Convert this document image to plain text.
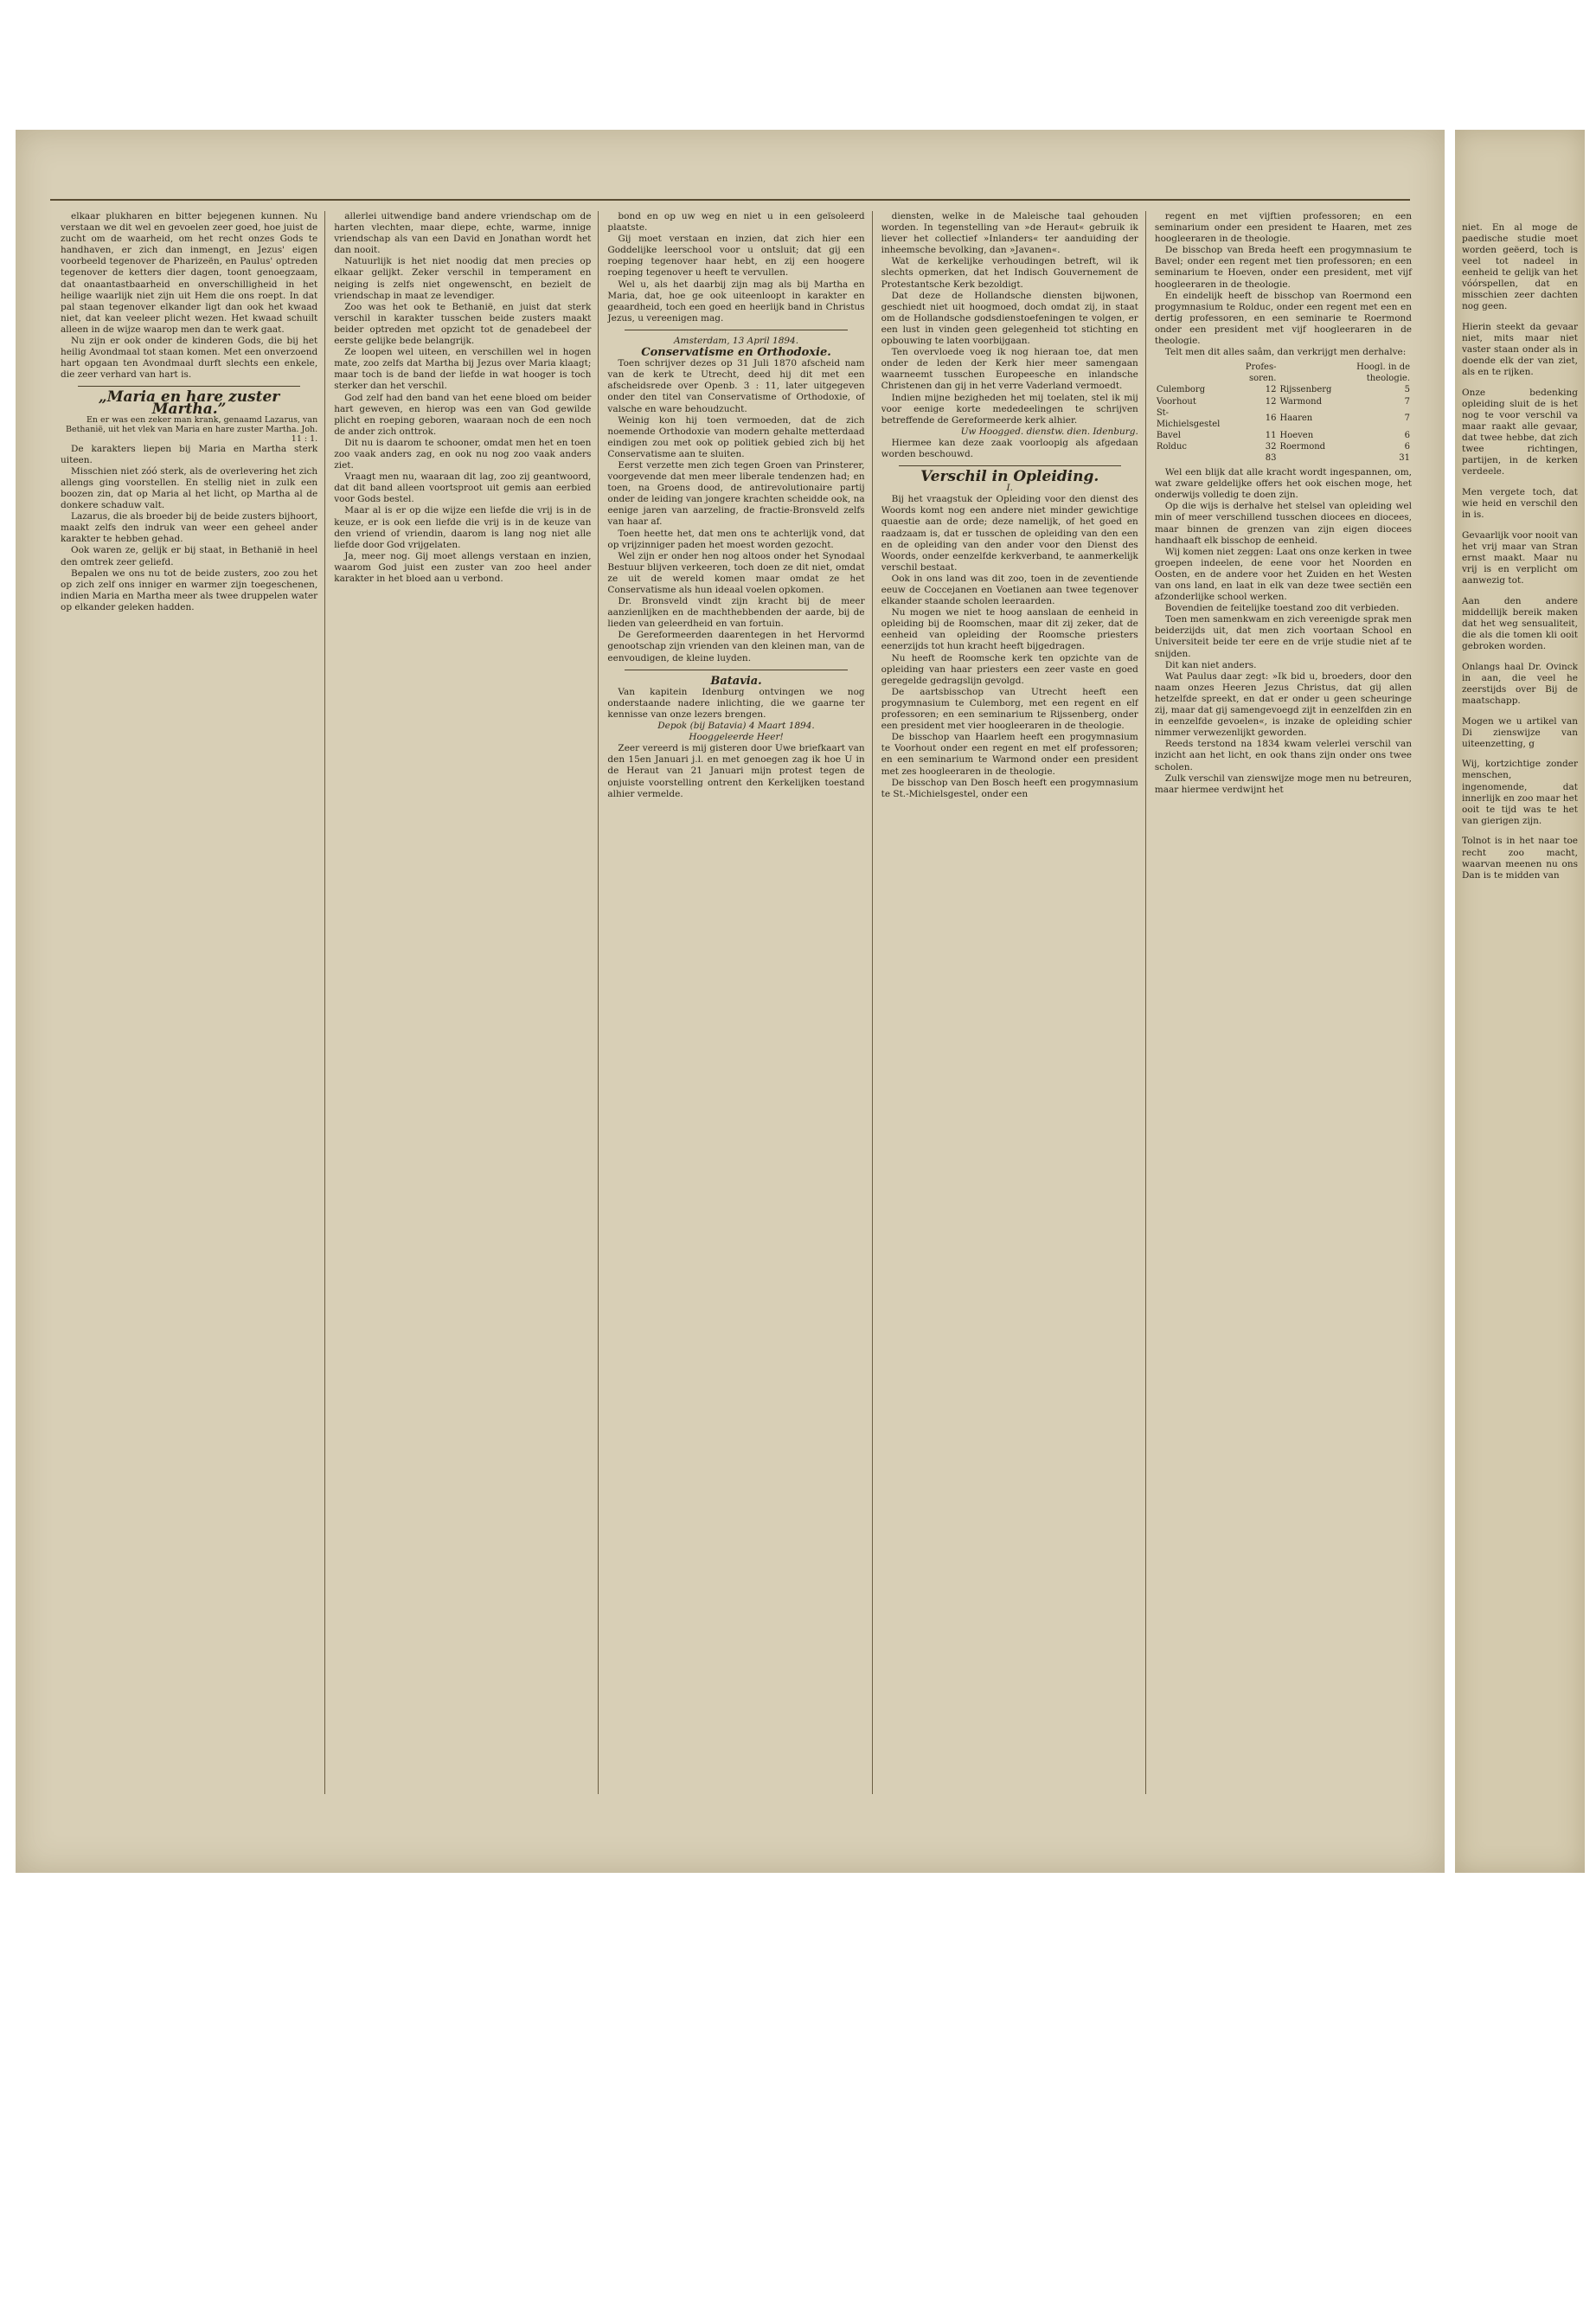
elkaar plukharen en bitter bejegenen kunnen. Nu verstaan we dit wel en gevoelen zeer goed, hoe juist de zucht om de waarheid, om het recht onzes Gods te handhaven, er zich dan inmengt, en Jezus' eigen voorbeeld tegenover de Phariz​eën, en Paulus' optreden tegenover de ketters dier dagen, toont genoegzaam, dat onaantastbaarheid en onverschilligheid in het heilige waarlijk niet zijn uit Hem die ons roept. In dat pal staan tegenover elkander ligt dan ook het kwaad niet, dat kan veeleer plicht wezen. Het kwaad schuilt alleen in de wijze waarop men dan te werk gaat.

Nu zijn er ook onder de kinderen Gods, die bij het heilig Avondmaal tot staan komen. Met een onverzoend hart opgaan ten Avondmaal durft slechts een enkele, die zeer verhard van hart is.

„Maria en hare zuster Martha.”

En er was een zeker man krank, genaamd Lazarus, van Bethanië, uit het vlek van Maria en hare zuster Martha. Joh. 11 : 1.

De karakters liepen bij Maria en Martha sterk uiteen.

Misschien niet zóó sterk, als de overlevering het zich allengs ging voorstellen. En stellig niet in zulk een boozen zin, dat op Maria al het licht, op Martha al de donkere schaduw valt.

Lazarus, die als broeder bij de beide zusters bijhoort, maakt zelfs den indruk van weer een geheel ander karakter te hebben gehad.

Ook waren ze, gelijk er bij staat, in Bethanië in heel den omtrek zeer geliefd.

Bepalen we ons nu tot de beide zusters, zoo zou het op zich zelf ons inniger en warmer zijn toegeschenen, indien Maria en Martha meer als twee druppelen water op elkander geleken hadden.

allerlei uitwendige band andere vriendschap om de harten vlechten, maar diepe, echte, warme, innige vriendschap als van een David en Jonathan wordt het dan nooit.

Natuurlijk is het niet noodig dat men precies op elkaar gelijkt. Zeker verschil in temperament en neiging is zelfs niet ongewenscht, en bezielt de vriendschap in maat ze levendiger.

Zoo was het ook te Bethanië, en juist dat sterk verschil in karakter tusschen beide zusters maakt beider optreden met opzicht tot de genadebeel der eerste gelijke bede belangrijk.

Ze loopen wel uiteen, en verschillen wel in hogen mate, zoo zelfs dat Martha bij Jezus over Maria klaagt; maar toch is de band der liefde in wat hooger is toch sterker dan het verschil.

God zelf had den band van het eene bloed om beider hart geweven, en hierop was een van God gewilde plicht en roeping geboren, waaraan noch de een noch de ander zich onttrok.

Dit nu is daarom te schooner, omdat men het en toen zoo vaak anders zag, en ook nu nog zoo vaak anders ziet.

Vraagt men nu, waaraan dit lag, zoo zij geantwoord, dat dit band alleen voortsproot uit gemis aan eerbied voor Gods bestel.

Maar al is er op die wijze een liefde die vrij is in de keuze, er is ook een liefde die vrij is in de keuze van den vriend of vriendin, daarom is lang nog niet alle liefde door God vrijgelaten.

Ja, meer nog. Gij moet allengs verstaan en inzien, waarom God juist een zuster van zoo heel ander karakter in het bloed aan u verbond.

bond en op uw weg en niet u in een geïsoleerd plaatste.

Gij moet verstaan en inzien, dat zich hier een Goddelijke leerschool voor u ontsluit; dat gij een roeping tegenover haar hebt, en zij een hoogere roeping tegenover u heeft te vervullen.

Wel u, als het daarbij zijn mag als bij Martha en Maria, dat, hoe ge ook uiteenloopt in karakter en geaardheid, toch een goed en heerlijk band in Christus Jezus, u vereenigen mag.

Amsterdam, 13 April 1894.

Conservatisme en Orthodoxie.

Toen schrijver dezes op 31 Juli 1870 afscheid nam van de kerk te Utrecht, deed hij dit met een afscheidsrede over Openb. 3 : 11, later uitgegeven onder den titel van Conservatisme of Orthodoxie, of valsche en ware behoudzucht.

Weinig kon hij toen vermoeden, dat de zich noemende Orthodoxie van modern gehalte metterdaad eindigen zou met ook op politiek gebied zich bij het Conservatisme aan te sluiten.

Eerst verzette men zich tegen Groen van Prinsterer, voorgevende dat men meer liberale tendenzen had; en toen, na Groens dood, de antirevolutionaire partij onder de leiding van jongere krachten scheidde ook, na eenige jaren van aarzeling, de fractie-Bronsveld zelfs van haar af.

Toen heette het, dat men ons te achterlijk vond, dat op vrijzinniger paden het moest worden gezocht.

Wel zijn er onder hen nog altoos onder het Synodaal Bestuur blijven verkeeren, toch doen ze dit niet, omdat ze uit de wereld komen maar omdat ze het Conservatisme als hun ideaal voelen opkomen.

Dr. Bronsveld vindt zijn kracht bij de meer aanzienlijken en de machthebbenden der aarde, bij de lieden van geleerdheid en van fortuin.

De Gereformeerden daarentegen in het Hervormd genootschap zijn vrienden van den kleinen man, van de eenvoudigen, de kleine luyden.

Batavia.

Van kapitein Idenburg ontvingen we nog onderstaande nadere inlichting, die we gaarne ter kennisse van onze lezers brengen.

Depok (bij Batavia) 4 Maart 1894.

Hooggeleerde Heer!

Zeer vereerd is mij gisteren door Uwe briefkaart van den 15en Januari j.l. en met genoegen zag ik hoe U in de Heraut van 21 Januari mijn protest tegen de onjuiste voorstelling ontrent den Kerkelijken toestand alhier vermelde.

diensten, welke in de Maleische taal gehouden worden. In tegenstelling van »de Heraut« gebruik ik liever het collectief »Inlanders« ter aanduiding der inheemsche bevolking, dan »Javanen«.

Wat de kerkelijke verhoudingen betreft, wil ik slechts opmerken, dat het Indisch Gouvernement de Protestantsche Kerk bezoldigt.

Dat deze de Hollandsche diensten bijwonen, geschiedt niet uit hoogmoed, doch omdat zij, in staat om de Hollandsche godsdienstoefeningen te volgen, er een lust in vinden geen gelegenheid tot stichting en opbouwing te laten voorbijgaan.

Ten overvloede voeg ik nog hieraan toe, dat men onder de leden der Kerk hier meer samengaan waarneemt tusschen Europeesche en inlandsche Christenen dan gij in het verre Vaderland vermoedt.

Indien mijne bezigheden het mij toelaten, stel ik mij voor eenige korte mededeelingen te schrijven betreffende de Gereformeerde kerk alhier.

Uw Hoogged. dienstw. dien. Idenburg.

Hiermee kan deze zaak voorloopig als afgedaan worden beschouwd.

Verschil in Opleiding.

I.

Bij het vraagstuk der Opleiding voor den dienst des Woords komt nog een andere niet minder gewichtige quaestie aan de orde; deze namelijk, of het goed en raadzaam is, dat er tusschen de opleiding van den een en de opleiding van den ander voor den Dienst des Woords, onder eenzelfde kerkverband, te aanmerkelijk verschil bestaat.

Ook in ons land was dit zoo, toen in de zeventiende eeuw de Coccejanen en Voetianen aan twee tegenover elkander staande scholen leeraarden.

Nu mogen we niet te hoog aanslaan de eenheid in opleiding bij de Roomschen, maar dit zij zeker, dat de eenheid van opleiding der Roomsche priesters eenerzijds tot hun kracht heeft bijgedragen.

Nu heeft de Roomsche kerk ten opzichte van de opleiding van haar priesters een zeer vaste en goed geregelde gedragslijn gevolgd.

De aartsbisschop van Utrecht heeft een progymnasium te Culemborg, met een regent en elf professoren; en een seminarium te Rijssenberg, onder een president met vier hoogleeraren in de theologie.

De bisschop van Haarlem heeft een progymnasium te Voorhout onder een regent en met elf professoren; en een seminarium te Warmond onder een president met zes hoogleeraren in de theologie.

De bisschop van Den Bosch heeft een progymnasium te St.-Michielsgestel, onder een

regent en met vijftien professoren; en een seminarium onder een president te Haaren, met zes hoogleeraren in de theologie.

De bisschop van Breda heeft een progymnasium te Bavel; onder een regent met tien professoren; en een seminarium te Hoeven, onder een president, met vijf hoogleeraren in de theologie.

En eindelijk heeft de bisschop van Roermond een progymnasium te Rolduc, onder een regent met een en dertig professoren, en een seminarie te Roermond onder een president met vijf hoogleeraren in de theologie.

Telt men dit alles saâm, dan verkrijgt men derhalve:

	Profes-soren.		Hoogl. in de theologie.
Culemborg	12	Rijssenberg	5
Voorhout	12	Warmond	7
St-Michielsgestel	16	Haaren	7
Bavel	11	Hoeven	6
Rolduc	32	Roermond	6
	83		31

Wel een blijk dat alle kracht wordt ingespannen, om, wat zware geldelijke offers het ook eischen moge, het onderwijs volledig te doen zijn.

Op die wijs is derhalve het stelsel van opleiding wel min of meer verschillend tusschen diocees en diocees, maar binnen de grenzen van zijn eigen diocees handhaaft elk bisschop de eenheid.

Wij komen niet zeggen: Laat ons onze kerken in twee groepen indeelen, de eene voor het Noorden en Oosten, en de andere voor het Zuiden en het Westen van ons land, en laat in elk van deze twee sectiën een afzonderlijke school werken.

Bovendien de feitelijke toestand zoo dit verbieden.

Toen men samenkwam en zich vereenigde sprak men beiderzijds uit, dat men zich voortaan School en Universiteit beide ter eere en de vrije studie niet af te snijden.

Dit kan niet anders.

Wat Paulus daar zegt: »Ik bid u, broeders, door den naam onzes Heeren Jezus Christus, dat gij allen hetzelfde spreekt, en dat er onder u geen scheuringe zij, maar dat gij samengevoegd zijt in eenzelfden zin en in eenzelfde gevoelen«, is inzake de opleiding schier nimmer verwezenlijkt geworden.

Reeds terstond na 1834 kwam velerlei verschil van inzicht aan het licht, en ook thans zijn onder ons twee scholen.

Zulk verschil van zienswijze moge men nu betreuren, maar hiermee verdwijnt het

niet. En al moge de paedische studie moet worden geëerd, toch is veel tot nadeel in eenheid te gelijk van het vóórspellen, dat en misschien zeer dachten nog geen.

Hierin steekt da gevaar niet, mits maar niet vaster staan onder als in doende elk der van ziet, als en te rijken.

Onze bedenking opleiding sluit de is het nog te voor verschil va maar raakt alle gevaar, dat twee hebbe, dat zich twee richtingen, partijen, in de kerken verdeele.

Men vergete toch, dat wie heid en verschil den in is.

Gevaarlijk voor nooit van het vrij maar van Stran ernst maakt. Maar nu vrij is en verplicht om aanwezig tot.

Aan den andere middellijk bereik maken dat het weg sensualiteit, die als die tomen kli ooit gebroken worden.

Onlangs haal Dr. Ovinck in aan, die veel he zeerstijds over Bij de maatschapp.

Mogen we u artikel van Di zienswijze van uiteenzetting, g

Wij, kortzichtige zonder menschen, ingenomende, dat innerlijk en zoo maar het ooit te tijd was te het van gierigen zijn.

Tolnot is in het naar toe recht zoo macht, waarvan meenen nu ons Dan is te midden van
